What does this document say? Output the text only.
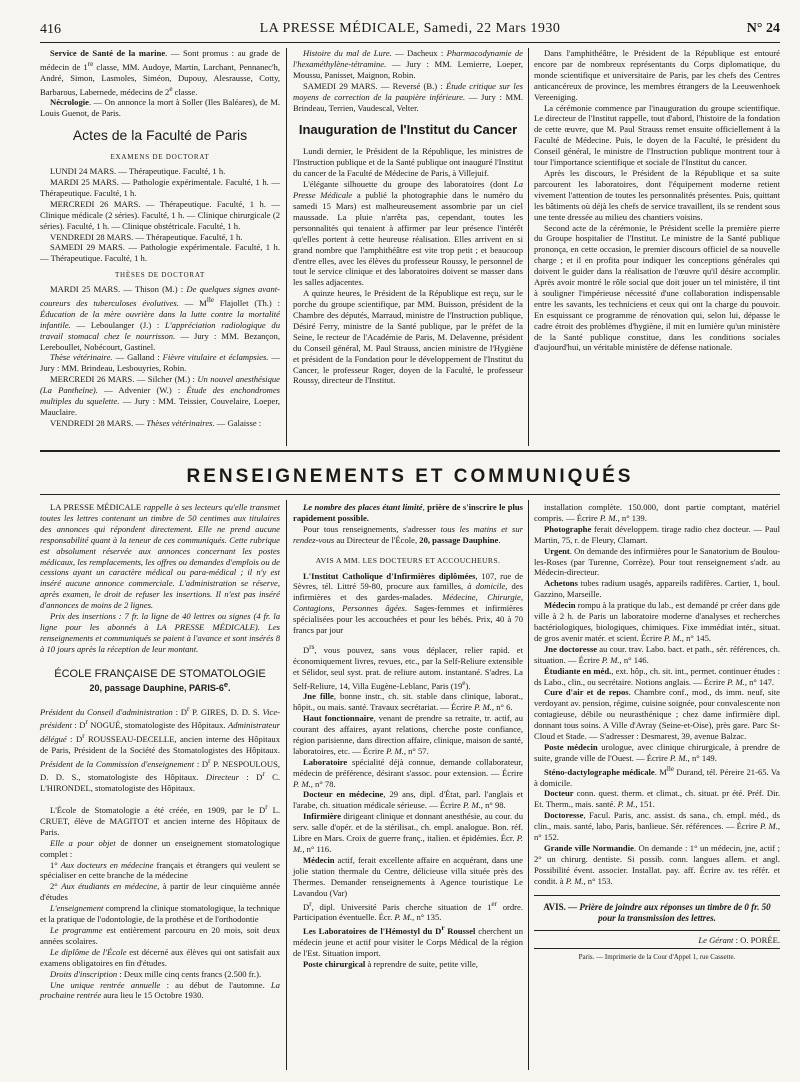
416	LA PRESSE MÉDICALE, Samedi, 22 Mars 1930	N° 24

Service de Santé de la marine. — Sont promus : au grade de médecin de 1re classe, MM. Audoye, Martin, Larchant, Pennanec'h, André, Simon, Lasmoles, Siméon, Dupouy, Alesrausse, Cotty, Barbarous, Labernede, médecins de 2e classe.

Nécrologie. — On annonce la mort à Soller (Iles Baléares), de M. Louis Guenot, de Paris.

Actes de la Faculté de Paris
EXAMENS DE DOCTORAT

LUNDI 24 MARS. — Thérapeutique. Faculté, 1 h.

MARDI 25 MARS. — Pathologie expérimentale. Faculté, 1 h. — Thérapeutique. Faculté, 1 h.

MERCREDI 26 MARS. — Thérapeutique. Faculté, 1 h. — Clinique médicale (2 séries). Faculté, 1 h. — Clinique chirurgicale (2 séries). Faculté, 1 h. — Clinique obstétricale. Faculté, 1 h.

VENDREDI 28 MARS. — Thérapeutique. Faculté, 1 h.

SAMEDI 29 MARS. — Pathologie expérimentale. Faculté, 1 h. — Thérapeutique. Faculté, 1 h.

THÈSES DE DOCTORAT

MARDI 25 MARS. — Thison (M.) : De quelques signes avant-coureurs des tuberculoses évolutives. — $M^{lle}$ Flajollet (Th.) : Éducation de la mère ouvrière dans la lutte contre la mortalité infantile. — Leboulanger (J.) : L'appréciation radiologique du travail stomacal chez le nourrisson. — Jury : MM. Bezançon, Lereboullet, Nobécourt, Gastinel.

Thèse vétérinaire. — Galland : Fièvre vitulaire et éclampsies. — Jury : MM. Brindeau, Lesbouyries, Robin.

MERCREDI 26 MARS. — Silcher (M.) : Un nouvel anesthésique (La Pantheïne). — Advenier (W.) : Étude des enchondromes multiples du squelette. — Jury : MM. Teissier, Couvelaire, Loeper, Mauclaire.

VENDREDI 28 MARS. — Thèses vétérinaires. — Galaisse :

Histoire du mal de Lure. — Dacheux : Pharmacodynamie de l'hexaméthylène-tétramine. — Jury : MM. Lemierre, Loeper, Moussu, Panisset, Maignon, Robin.

SAMEDI 29 MARS. — Reversé (B.) : Étude critique sur les moyens de correction de la paupière inférieure. — Jury : MM. Brindeau, Terrien, Vaudescal, Velter.

Inauguration de l'Institut du Cancer

Lundi dernier, le Président de la République, les ministres de l'Instruction publique et de la Santé publique ont inauguré l'Institut du cancer de la Faculté de Médecine de Paris, à Villejuif.

L'élégante silhouette du groupe des laboratoires (dont La Presse Médicale a publié la photographie dans le numéro du samedi 15 Mars) est malheureusement assombrie par un ciel maussade. La pluie n'arrêta pas, cependant, toutes les personnalités qui tenaient à affirmer par leur présence l'intérêt qu'elles portent à cette heureuse réalisation. Elles arrivent en si grand nombre que l'amphithéâtre est vite trop petit ; et beaucoup d'entre elles, avec les élèves du professeur Roussy, le personnel de tout le service clinique et des laboratoires doivent se masser dans les salles adjacentes.

A quinze heures, le Président de la République est reçu, sur le porche du groupe scientifique, par MM. Buisson, président de la Chambre des députés, Marraud, ministre de l'Instruction publique, Désiré Ferry, ministre de la Santé publique, par le préfet de la Seine, le recteur de l'Académie de Paris, M. Delavenne, président du Conseil général, M. Paul Strauss, ancien ministre de l'Hygiène et président de la Fondation pour le développement de l'Institut du Cancer, le professeur Roger, doyen de la Faculté, le professeur Roussy, directeur de l'Institut.

Dans l'amphithéâtre, le Président de la République est entouré encore par de nombreux représentants du Corps diplomatique, du monde scientifique et universitaire de Paris, par les chefs des Centres anticancéreux de province, les membres étrangers de la Leeuwenhoek Vereeniging.

La cérémonie commence par l'inauguration du groupe scientifique. Le directeur de l'Institut rappelle, tout d'abord, l'histoire de la fondation de cette œuvre, que M. Paul Strauss remet ensuite officiellement à la Faculté de Médecine. Puis, le doyen de la Faculté, le président du Conseil général, le ministre de l'Instruction publique montrent tour à tour l'importance scientifique et sociale de l'Institut du cancer.

Après les discours, le Président de la République et sa suite parcourent les laboratoires, dont l'équipement moderne retient vivement l'attention de toutes les personnalités présentes. Puis, quittant les bâtiments où déjà les chefs de service travaillent, ils se rendent sous une tente dressée au milieu des chantiers voisins.

Second acte de la cérémonie, le Président scelle la première pierre du Groupe hospitalier de l'Institut. Le ministre de la Santé publique prononça, en cette occasion, le premier discours officiel de sa nouvelle charge ; et il en profita pour indiquer les conceptions générales qui doivent le guider dans la réalisation de l'œuvre qu'il désire accomplir. Après avoir montré le rôle social que doit jouer un tel ministère, il tint à souligner l'impérieuse nécessité d'une collaboration indispensable entre les savants, les techniciens et ceux qui ont la charge du pouvoir. En esquissant ce programme de rénovation qui, selon lui, dépasse le cadre étroit des problèmes d'hygiène, il mit en lumière qu'un ministère de la Santé publique constitue, dans les conditions sociales d'aujourd'hui, un véritable ministère de défense nationale.

RENSEIGNEMENTS ET COMMUNIQUÉS

LA PRESSE MÉDICALE rappelle à ses lecteurs qu'elle transmet toutes les lettres contenant un timbre de 50 centimes aux titulaires des annonces qui répondent directement. Elle ne prend aucune responsabilité quant à la teneur de ces communiqués. Cette rubrique est absolument réservée aux annonces concernant les postes médicaux, les remplacements, les offres ou demandes d'emplois ou de cessions ayant un caractère médical ou para-médical ; il n'y est inséré aucune annonce commerciale. L'administration se réserve, après examen, le droit de refuser les insertions. Il n'est pas inséré d'annonces de moins de 2 lignes.

Prix des insertions : 7 fr. la ligne de 40 lettres ou signes (4 fr. la ligne pour les abonnés à LA PRESSE MÉDICALE). Les renseignements et communiqués se paient à l'avance et sont insérés 8 à 10 jours après la réception de leur montant.

ÉCOLE FRANÇAISE DE STOMATOLOGIE
20, passage Dauphine, PARIS-6e.

Président du Conseil d'administration : $D^r$ P. GIRES, D. D. S. Vice-président : $D^r$ NOGUÉ, stomatologiste des Hôpitaux. Administrateur délégué : $D^r$ ROUSSEAU-DECELLE, ancien interne des Hôpitaux de Paris, Président de la Société des Stomatologistes des Hôpitaux. Président de la Commission d'enseignement : $D^r$ P. NESPOULOUS, D. D. S., stomatologiste des Hôpitaux. Directeur : $D^r$ C. L'HIRONDEL, stomatologiste des Hôpitaux.

L'École de Stomatologie a été créée, en 1909, par le $D^r$ L. CRUET, élève de MAGITOT et ancien interne des Hôpitaux de Paris.

Elle a pour objet de donner un enseignement stomatologique complet :

1° Aux docteurs en médecine français et étrangers qui veulent se spécialiser en cette branche de la médecine

2° Aux étudiants en médecine, à partir de leur cinquième année d'études

L'enseignement comprend la clinique stomatologique, la technique et la pratique de l'odontologie, de la prothèse et de l'orthodontie

Le programme est entièrement parcouru en 20 mois, soit deux années scolaires.

Le diplôme de l'École est décerné aux élèves qui ont satisfait aux examens obligatoires en fin d'études.

Droits d'inscription : Deux mille cinq cents francs (2.500 fr.).

Une unique rentrée annuelle : au début de l'automne. La prochaine rentrée aura lieu le 15 Octobre 1930.

Le nombre des places étant limité, prière de s'inscrire le plus rapidement possible.

Pour tous renseignements, s'adresser tous les matins et sur rendez-vous au Directeur de l'École, 20, passage Dauphine.

AVIS A MM. LES DOCTEURS ET ACCOUCHEURS.

L'Institut Catholique d'Infirmières diplômées, 107, rue de Sèvres, tél. Littré 59-80, procure aux familles, à domicile, des infirmières et des gardes-malades. Médecine, Chirurgie, Contagions, Personnes âgées. Sages-femmes et infirmières spécialisées pour les accouchées et pour les bébés. Prix, 40 à 70 francs par jour

$D^{rs}$, vous pouvez, sans vous déplacer, relier rapid. et économiquement livres, revues, etc., par la Self-Reliure extensible et Sélidor, seul syst. prat. de reliure autom. instantané. S'adres. La Self-Reliure, 14, Villa Eugène-Leblanc, Paris (19e).

Jne fille, bonne instr., ch. sit. stable dans clinique, laborat., hôpit., ou mais. santé. Travaux secrétariat. — Écrire P. M., n° 6.

Haut fonctionnaire, venant de prendre sa retraite, tr. actif, au courant des affaires, ayant relations, cherche poste confiance, région parisienne, dans direction affaire, clinique, maison de santé, laboratoires, etc. — Écrire P. M., n° 57.

Laboratoire spécialité déjà connue, demande collaborateur, médecin de préférence, désirant s'assoc. pour extension. — Écrire P. M., n° 78.

Docteur en médecine, 29 ans, dipl. d'État, parl. l'anglais et l'arabe, ch. situation médicale sérieuse. — Écrire P. M., n° 98.

Infirmière dirigeant clinique et donnant anesthésie, au cour. du serv. salle d'opér. et de la stérilisat., ch. empl. analogue. Bon. réf. Libre en Mars. Croix de guerre franç., italien. et épidémies. Écr. P. M., n° 116.

Médecin actif, ferait excellente affaire en acquérant, dans une jolie station thermale du Centre, délicieuse villa située près des Thermes. Demander renseignements à Agence touristique Le Lavandou (Var)

$D^r$, dipl. Université Paris cherche situation de 1er ordre. Participation éventuelle. Écr. P. M., n° 135.

Les Laboratoires de l'Hémostyl du $D^r$ Roussel cherchent un médecin jeune et actif pour visiter le Corps Médical de la région de l'Est. Situation import.

Poste chirurgical à reprendre de suite, petite ville,

installation complète. 150.000, dont partie comptant, matériel compris. — Écrire P. M., n° 139.

Photographe ferait développem. tirage radio chez docteur. — Paul Martin, 75, r. de Fleury, Clamart.

Urgent. On demande des infirmières pour le Sanatorium de Boulou-les-Roses (par Turenne, Corrèze). Pour tout renseignement s'adr. au Médecin-directeur.

Achetons tubes radium usagés, appareils radifères. Cartier, 1, boul. Gazzino, Marseille.

Médecin rompu à la pratique du lab., est demandé pr créer dans gde ville à 2 h. de Paris un laboratoire moderne d'analyses et recherches bactériologiques, biologiques, chimiques. Fixe immédiat intér., situat. de gros avenir matér. et scient. Écrire P. M., n° 145.

Jne doctoresse au cour. trav. Labo. bact. et path., sér. références, ch. situation. — Écrire P. M., n° 146.

Étudiante en méd., ext. hôp., ch. sit. int., permet. continuer études : ds Labo., clin., ou secrétaire. Notions anglais. — Écrire P. M., n° 147.

Cure d'air et de repos. Chambre conf., mod., ds imm. neuf, site verdoyant av. pension, régime, cuisine soignée, pour convalescente non contagieuse, débile ou neurasthénique ; chez dame infirmière dipl. donnant tous soins. A Ville d'Avray (Seine-et-Oise), près gare. Parc St-Cloud et Stade. — S'adresser : Desmarest, 39, avenue Balzac.

Poste médecin urologue, avec clinique chirurgicale, à prendre de suite, grande ville de l'Ouest. — Écrire P. M., n° 149.

Sténo-dactylographe médicale. $M^{lle}$ Durand, tél. Péreire 21-65. Va à domicile.

Docteur conn. quest. therm. et climat., ch. situat. pr été. Préf. Dir. Et. Therm., mais. santé. P. M., 151.

Doctoresse, Facul. Paris, anc. assist. ds sana., ch. empl. méd., ds clin., mais. santé, labo, Paris, banlieue. Sér. références. — Écrire P. M., n° 152.

Grande ville Normandie. On demande : 1° un médecin, jne, actif ; 2° un chirurg. dentiste. Si possib. conn. langues allem. et angl. Possibilité évent. associer. Installat. pay. aff. Écrire av. tes référ. et condit. à P. M., n° 153.

AVIS. — Prière de joindre aux réponses un timbre de 0 fr. 50 pour la transmission des lettres.

Le Gérant : O. PORÉE.

Paris. — Imprimerie de la Cour d'Appel 1, rue Cassette.
